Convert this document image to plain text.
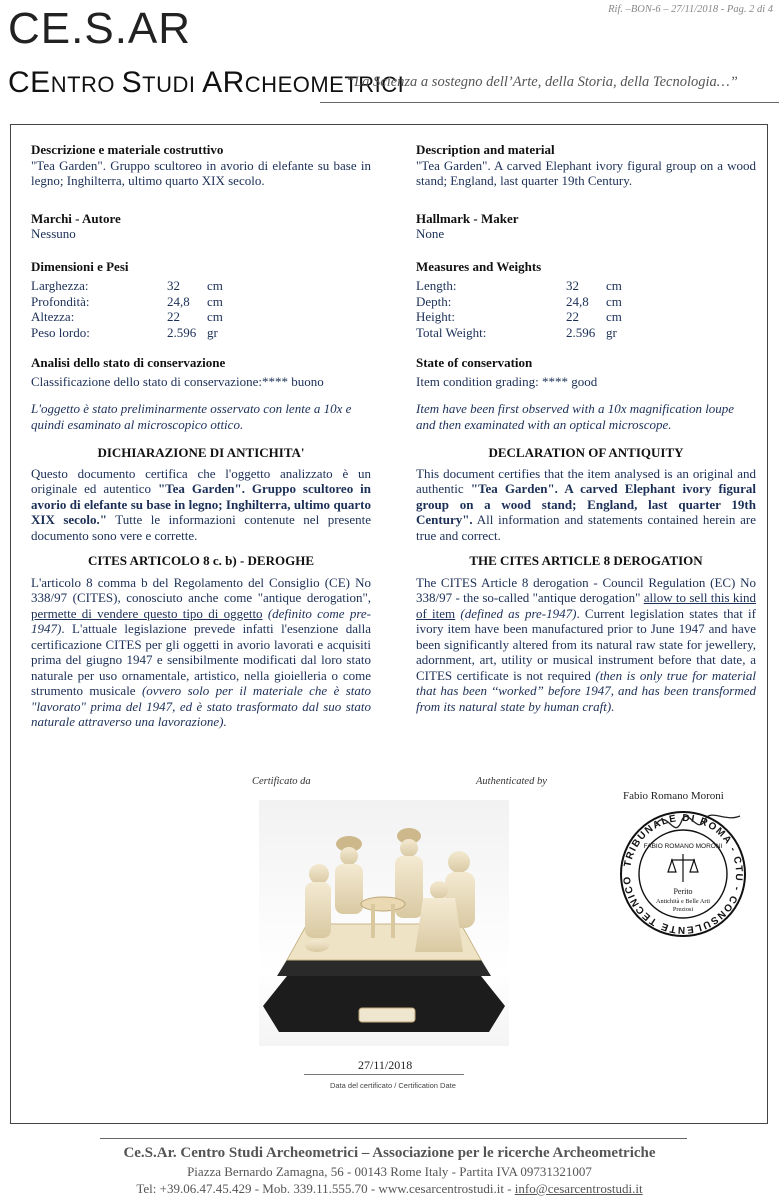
Rif. –BON-6 – 27/11/2018 - Pag. 2 di 4
CE.S.AR
CENTRO STUDI ARCHEOMETRICI
“La Scienza a sostegno dell’Arte, della Storia, della Tecnologia…”
Descrizione e materiale costruttivo
"Tea Garden". Gruppo scultoreo in avorio di elefante su base in legno; Inghilterra, ultimo quarto XIX secolo.
Marchi - Autore
Nessuno
Dimensioni e Pesi
Larghezza:	32	cm
Profondità:	24,8	cm
Altezza:	22	cm
Peso lordo:	2.596 gr
Analisi dello stato di conservazione
Classificazione dello stato di conservazione:**** buono
L'oggetto è stato preliminarmente osservato con lente a 10x e quindi esaminato al microscopico ottico.
DICHIARAZIONE DI ANTICHITA'
Questo documento certifica che l'oggetto analizzato è un originale ed autentico "Tea Garden". Gruppo scultoreo in avorio di elefante su base in legno; Inghilterra, ultimo quarto XIX secolo." Tutte le informazioni contenute nel presente documento sono vere e corrette.
CITES ARTICOLO 8 c. b) - DEROGHE
L'articolo 8 comma b del Regolamento del Consiglio (CE) No 338/97 (CITES), conosciuto anche come "antique derogation", permette di vendere questo tipo di oggetto (definito come pre-1947). L'attuale legislazione prevede infatti l'esenzione dalla certificazione CITES per gli oggetti in avorio lavorati e acquisiti prima del giugno 1947 e sensibilmente modificati dal loro stato naturale per uso ornamentale, artistico, nella gioielleria o come strumento musicale (ovvero solo per il materiale che è stato "lavorato" prima del 1947, ed è stato trasformato dal suo stato naturale attraverso una lavorazione).
Description and material
"Tea Garden". A carved Elephant ivory figural group on a wood stand; England, last quarter 19th Century.
Hallmark - Maker
None
Measures and Weights
Length:	32	cm
Depth:	24,8	cm
Height:	22	cm
Total Weight:	2.596 gr
State of conservation
Item condition grading: **** good
Item have been first observed with a 10x magnification loupe and then examinated with an optical microscope.
DECLARATION OF ANTIQUITY
This document certifies that the item analysed is an original and authentic "Tea Garden". A carved Elephant ivory figural group on a wood stand; England, last quarter 19th Century". All information and statements contained herein are true and correct.
THE CITES ARTICLE 8 DEROGATION
The CITES Article 8 derogation - Council Regulation (EC) No 338/97 - the so-called "antique derogation" allow to sell this kind of item (defined as pre-1947). Current legislation states that if ivory item have been manufactured prior to June 1947 and have been significantly altered from its natural raw state for jewellery, adornment, art, utility or musical instrument before that date, a CITES certificate is not required (then is only true for material that has been ‘‘worked” before 1947, and has been transformed from its natural state by human craft).
Certificato da	Authenticated by
Fabio Romano Moroni
TRIBUNALE DI ROMA - CTU - CONSULENTE TECNICO
FABIO ROMANO MORONI
Perito
Antichità e Belle Arti
Preziosi
27/11/2018
Data del certificato / Certification Date
Ce.S.Ar. Centro Studi Archeometrici – Associazione per le ricerche Archeometriche
Piazza Bernardo Zamagna, 56 - 00143 Rome Italy - Partita IVA 09731321007
Tel: +39.06.47.45.429 - Mob. 339.11.555.70 - www.cesarcentrostudi.it - info@cesarcentrostudi.it
